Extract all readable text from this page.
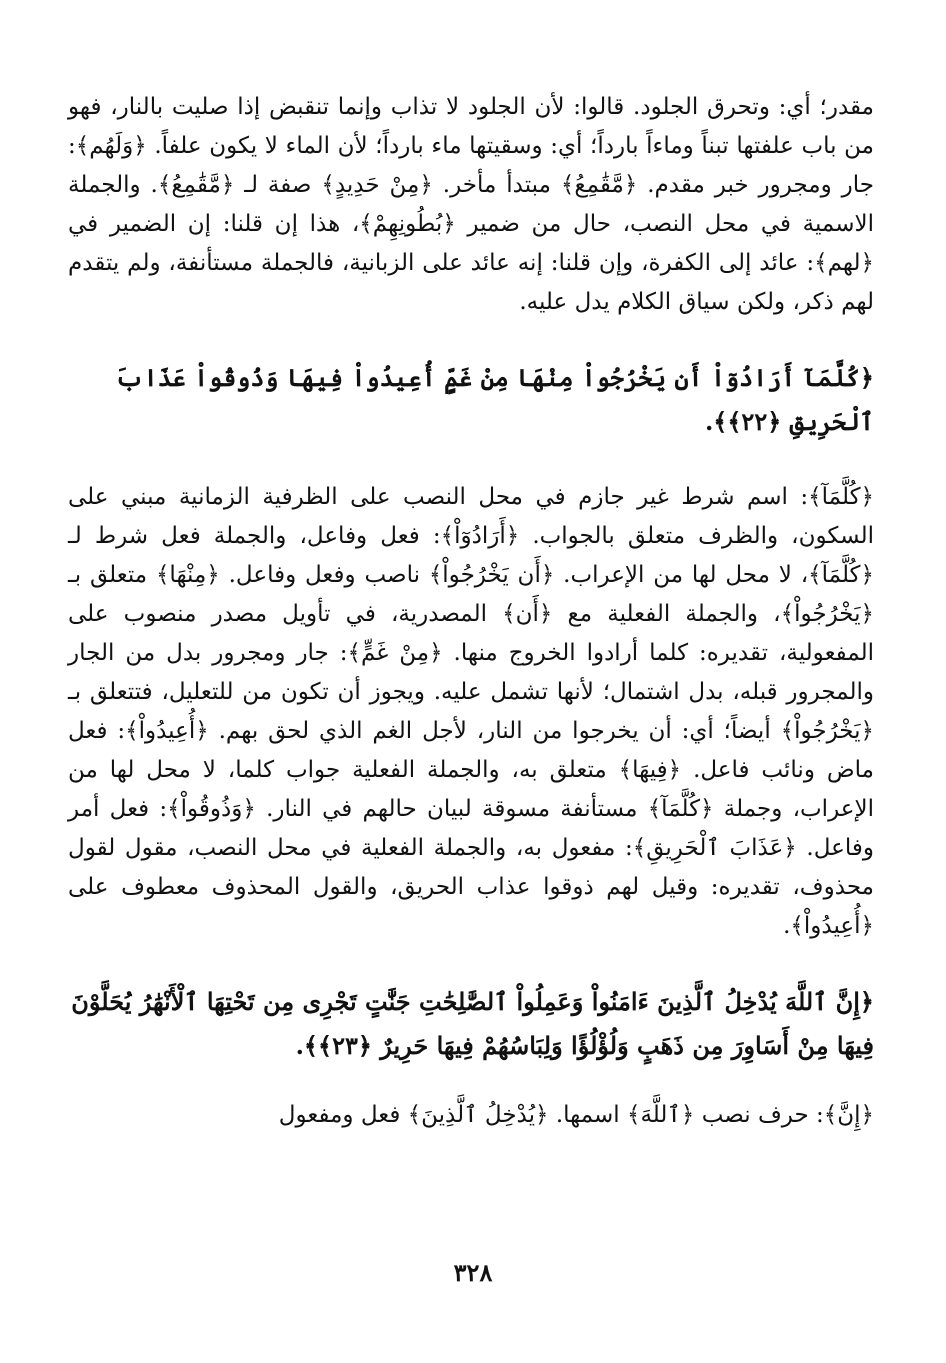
مقدر؛ أي: وتحرق الجلود. قالوا: لأن الجلود لا تذاب وإنما تنقبض إذا صليت بالنار، فهو من باب علفتها تبناً وماءاً بارداً؛ أي: وسقيتها ماء بارداً؛ لأن الماء لا يكون علفاً. ﴿وَلَهُم﴾: جار ومجرور خبر مقدم. ﴿مَّقَٰمِعُ﴾ مبتدأ مأخر. ﴿مِنْ حَدِيدٍ﴾ صفة لـ ﴿مَّقَٰمِعُ﴾. والجملة الاسمية في محل النصب، حال من ضمير ﴿بُطُونِهِمْ﴾، هذا إن قلنا: إن الضمير في ﴿لهم﴾: عائد إلى الكفرة، وإن قلنا: إنه عائد على الزبانية، فالجملة مستأنفة، ولم يتقدم لهم ذكر، ولكن سياق الكلام يدل عليه.

﴿كُلَّمَآ أَرَادُوٓاْ أَن يَخْرُجُواْ مِنْهَا مِنْ غَمٍّ أُعِيدُواْ فِيهَا وَذُوقُواْ عَذَابَ ٱلْحَرِيقِ ﴿٢٢﴾﴾.

﴿كُلَّمَآ﴾: اسم شرط غير جازم في محل النصب على الظرفية الزمانية مبني على السكون، والظرف متعلق بالجواب. ﴿أَرَادُوٓاْ﴾: فعل وفاعل، والجملة فعل شرط لـ ﴿كُلَّمَآ﴾، لا محل لها من الإعراب. ﴿أَن يَخْرُجُواْ﴾ ناصب وفعل وفاعل. ﴿مِنْهَا﴾ متعلق بـ ﴿يَخْرُجُواْ﴾، والجملة الفعلية مع ﴿أَن﴾ المصدرية، في تأويل مصدر منصوب على المفعولية، تقديره: كلما أرادوا الخروج منها. ﴿مِنْ غَمٍّ﴾: جار ومجرور بدل من الجار والمجرور قبله، بدل اشتمال؛ لأنها تشمل عليه. ويجوز أن تكون من للتعليل، فتتعلق بـ ﴿يَخْرُجُواْ﴾ أيضاً؛ أي: أن يخرجوا من النار، لأجل الغم الذي لحق بهم. ﴿أُعِيدُواْ﴾: فعل ماض ونائب فاعل. ﴿فِيهَا﴾ متعلق به، والجملة الفعلية جواب كلما، لا محل لها من الإعراب، وجملة ﴿كُلَّمَآ﴾ مستأنفة مسوقة لبيان حالهم في النار. ﴿وَذُوقُواْ﴾: فعل أمر وفاعل. ﴿عَذَابَ ٱلْحَرِيقِ﴾: مفعول به، والجملة الفعلية في محل النصب، مقول لقول محذوف، تقديره: وقيل لهم ذوقوا عذاب الحريق، والقول المحذوف معطوف على ﴿أُعِيدُواْ﴾.

﴿إِنَّ ٱللَّهَ يُدْخِلُ ٱلَّذِينَ ءَامَنُواْ وَعَمِلُواْ ٱلصَّٰلِحَٰتِ جَنَّٰتٍ تَجْرِى مِن تَحْتِهَا ٱلْأَنْهَٰرُ يُحَلَّوْنَ فِيهَا مِنْ أَسَاوِرَ مِن ذَهَبٍ وَلُؤْلُؤًا وَلِبَاسُهُمْ فِيهَا حَرِيرٌ ﴿٢٣﴾﴾.

﴿إِنَّ﴾: حرف نصب ﴿ٱللَّهَ﴾ اسمها. ﴿يُدْخِلُ ٱلَّذِينَ﴾ فعل ومفعول

٣٢٨
